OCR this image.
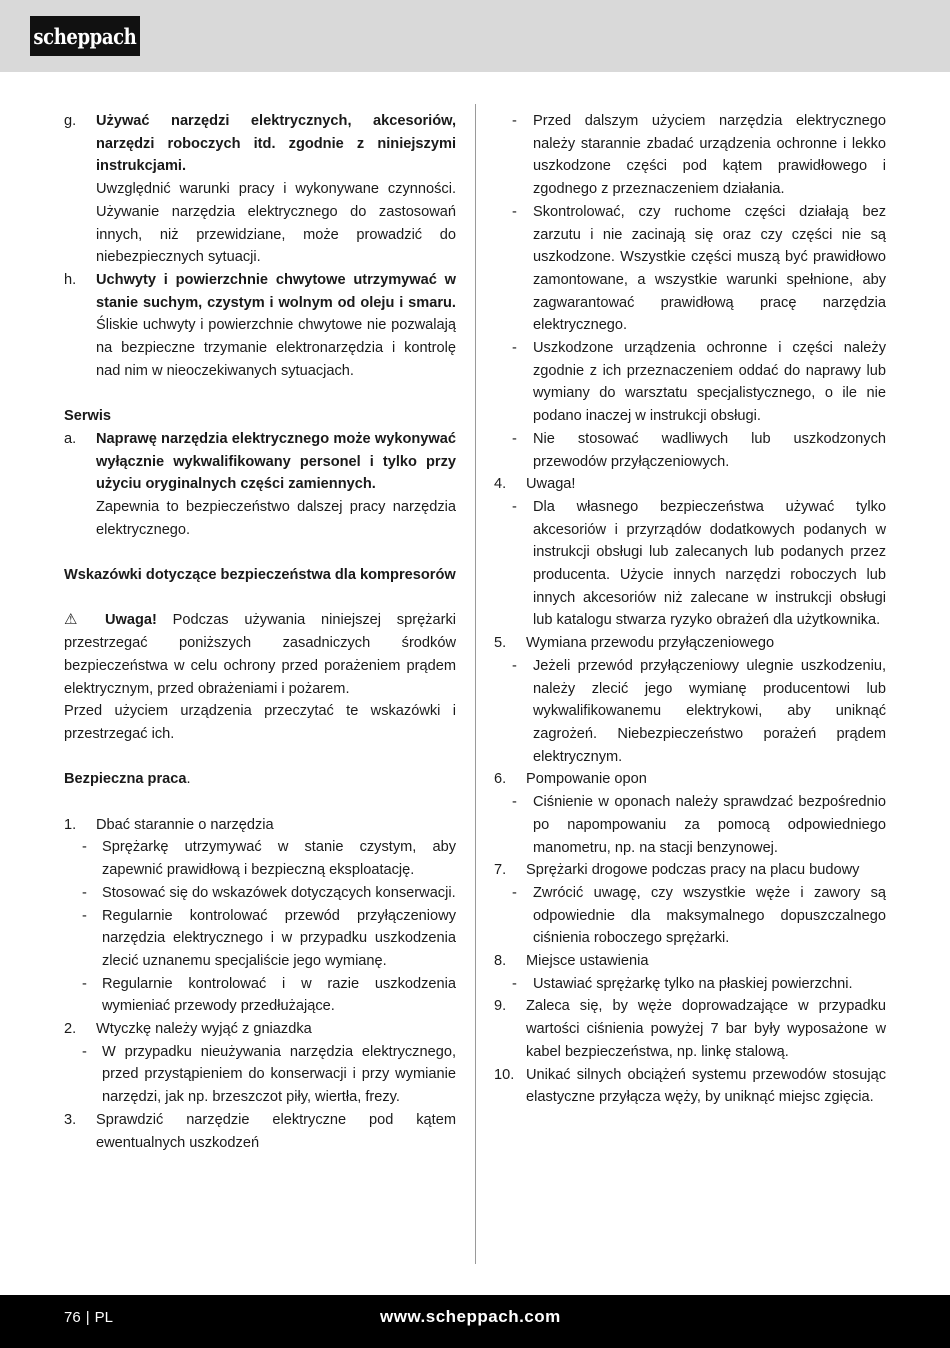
scheppach
g.	Używać narzędzi elektrycznych, akcesoriów, narzędzi roboczych itd. zgodnie z niniejszymi instrukcjami.

Uwzględnić warunki pracy i wykonywane czynności. Używanie narzędzia elektrycznego do zastosowań innych, niż przewidziane, może prowadzić do niebezpiecznych sytuacji.

h.	Uchwyty i powierzchnie chwytowe utrzymywać w stanie suchym, czystym i wolnym od oleju i smaru. Śliskie uchwyty i powierzchnie chwytowe nie pozwalają na bezpieczne trzymanie elektronarzędzia i kontrolę nad nim w nieoczekiwanych sytuacjach.

Serwis

a.	Naprawę narzędzia elektrycznego może wykonywać wyłącznie wykwalifikowany personel i tylko przy użyciu oryginalnych części zamiennych.

Zapewnia to bezpieczeństwo dalszej pracy narzędzia elektrycznego.

Wskazówki dotyczące bezpieczeństwa dla kompresorów

⚠ Uwaga! Podczas używania niniejszej sprężarki przestrzegać poniższych zasadniczych środków bezpieczeństwa w celu ochrony przed porażeniem prądem elektrycznym, przed obrażeniami i pożarem.

Przed użyciem urządzenia przeczytać te wskazówki i przestrzegać ich.

Bezpieczna praca.

1.	Dbać starannie o narzędzia
-	Sprężarkę utrzymywać w stanie czystym, aby zapewnić prawidłową i bezpieczną eksploatację.
-	Stosować się do wskazówek dotyczących konserwacji.
-	Regularnie kontrolować przewód przyłączeniowy narzędzia elektrycznego i w przypadku uszkodzenia zlecić uznanemu specjaliście jego wymianę.
-	Regularnie kontrolować i w razie uszkodzenia wymieniać przewody przedłużające.
2.	Wtyczkę należy wyjąć z gniazdka
-	W przypadku nieużywania narzędzia elektrycznego, przed przystąpieniem do konserwacji i przy wymianie narzędzi, jak np. brzeszczot piły, wiertła, frezy.
3.	Sprawdzić narzędzie elektryczne pod kątem ewentualnych uszkodzeń
-	Przed dalszym użyciem narzędzia elektrycznego należy starannie zbadać urządzenia ochronne i lekko uszkodzone części pod kątem prawidłowego i zgodnego z przeznaczeniem działania.
-	Skontrolować, czy ruchome części działają bez zarzutu i nie zacinają się oraz czy części nie są uszkodzone. Wszystkie części muszą być prawidłowo zamontowane, a wszystkie warunki spełnione, aby zagwarantować prawidłową pracę narzędzia elektrycznego.
-	Uszkodzone urządzenia ochronne i części należy zgodnie z ich przeznaczeniem oddać do naprawy lub wymiany do warsztatu specjalistycznego, o ile nie podano inaczej w instrukcji obsługi.
-	Nie stosować wadliwych lub uszkodzonych przewodów przyłączeniowych.
4.	Uwaga!
-	Dla własnego bezpieczeństwa używać tylko akcesoriów i przyrządów dodatkowych podanych w instrukcji obsługi lub zalecanych lub podanych przez producenta. Użycie innych narzędzi roboczych lub innych akcesoriów niż zalecane w instrukcji obsługi lub katalogu stwarza ryzyko obrażeń dla użytkownika.
5.	Wymiana przewodu przyłączeniowego
-	Jeżeli przewód przyłączeniowy ulegnie uszkodzeniu, należy zlecić jego wymianę producentowi lub wykwalifikowanemu elektrykowi, aby uniknąć zagrożeń. Niebezpieczeństwo porażeń prądem elektrycznym.
6.	Pompowanie opon
-	Ciśnienie w oponach należy sprawdzać bezpośrednio po napompowaniu za pomocą odpowiedniego manometru, np. na stacji benzynowej.
7.	Sprężarki drogowe podczas pracy na placu budowy
-	Zwrócić uwagę, czy wszystkie węże i zawory są odpowiednie dla maksymalnego dopuszczalnego ciśnienia roboczego sprężarki.
8.	Miejsce ustawienia
-	Ustawiać sprężarkę tylko na płaskiej powierzchni.
9.	Zaleca się, by węże doprowadzające w przypadku wartości ciśnienia powyżej 7 bar były wyposażone w kabel bezpieczeństwa, np. linkę stalową.
10. Unikać silnych obciążeń systemu przewodów stosując elastyczne przyłącza węży, by uniknąć miejsc zgięcia.
76 | PL	www.scheppach.com
